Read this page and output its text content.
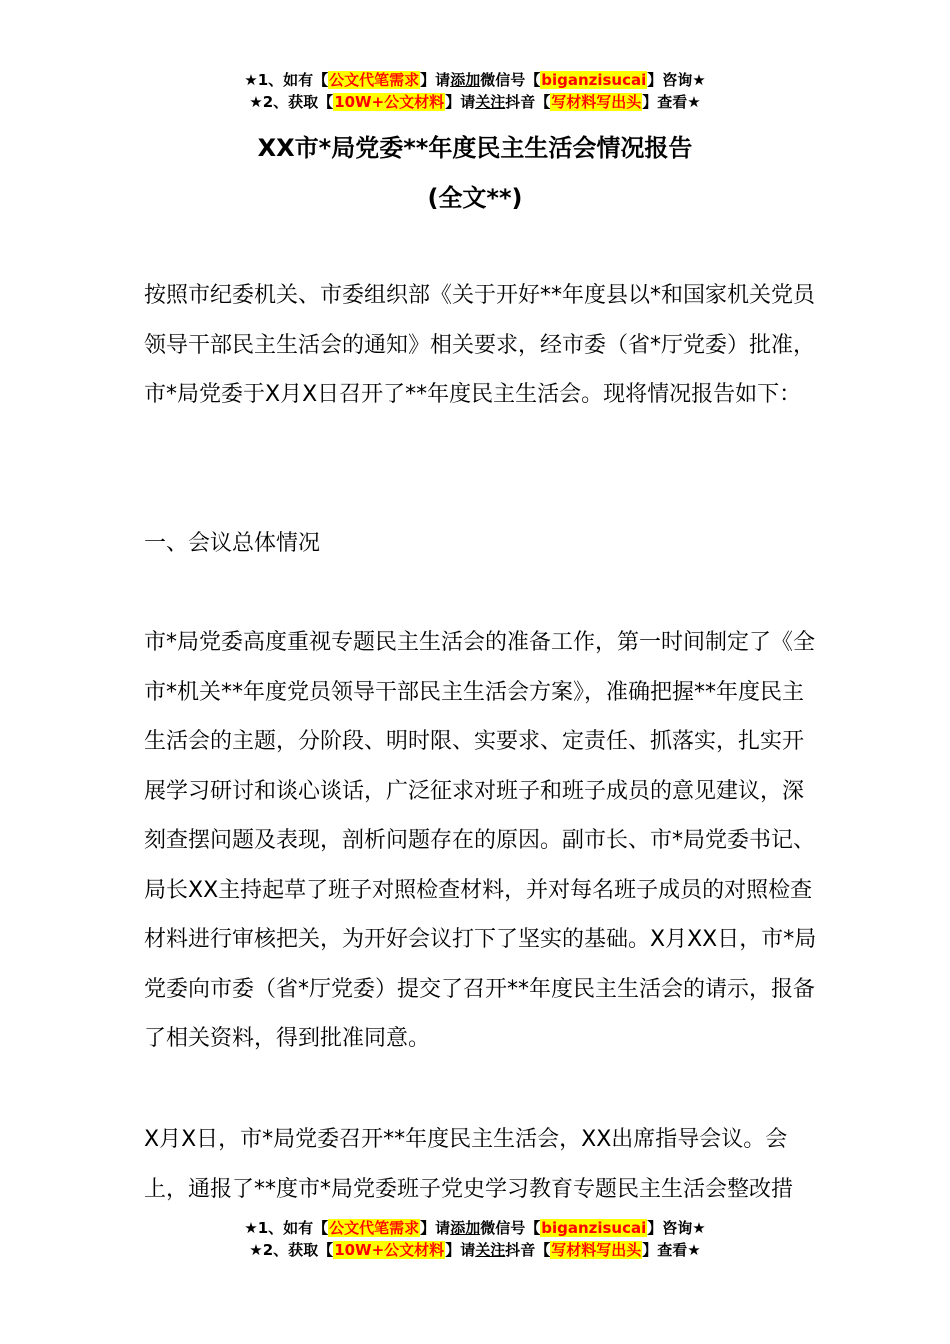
★1、如有【公文代笔需求】请添加微信号【biganzisucai】咨询★
★2、获取【10W+公文材料】请关注抖音【写材料写出头】查看★
XX市*局党委**年度民主生活会情况报告
(全文**)

按照市纪委机关、市委组织部《关于开好**年度县以*和国家机关党员领导干部民主生活会的通知》相关要求，经市委（省*厅党委）批准，市*局党委于X月X日召开了**年度民主生活会。现将情况报告如下：

一、会议总体情况

市*局党委高度重视专题民主生活会的准备工作，第一时间制定了《全市*机关**年度党员领导干部民主生活会方案》，准确把握**年度民主生活会的主题，分阶段、明时限、实要求、定责任、抓落实，扎实开展学习研讨和谈心谈话，广泛征求对班子和班子成员的意见建议，深刻查摆问题及表现，剖析问题存在的原因。副市长、市*局党委书记、局长XX主持起草了班子对照检查材料，并对每名班子成员的对照检查材料进行审核把关，为开好会议打下了坚实的基础。X月XX日，市*局党委向市委（省*厅党委）提交了召开**年度民主生活会的请示，报备了相关资料，得到批准同意。

X月X日，市*局党委召开**年度民主生活会，XX出席指导会议。会上，通报了**度市*局党委班子党史学习教育专题民主生活会整改措

★1、如有【公文代笔需求】请添加微信号【biganzisucai】咨询★
★2、获取【10W+公文材料】请关注抖音【写材料写出头】查看★
